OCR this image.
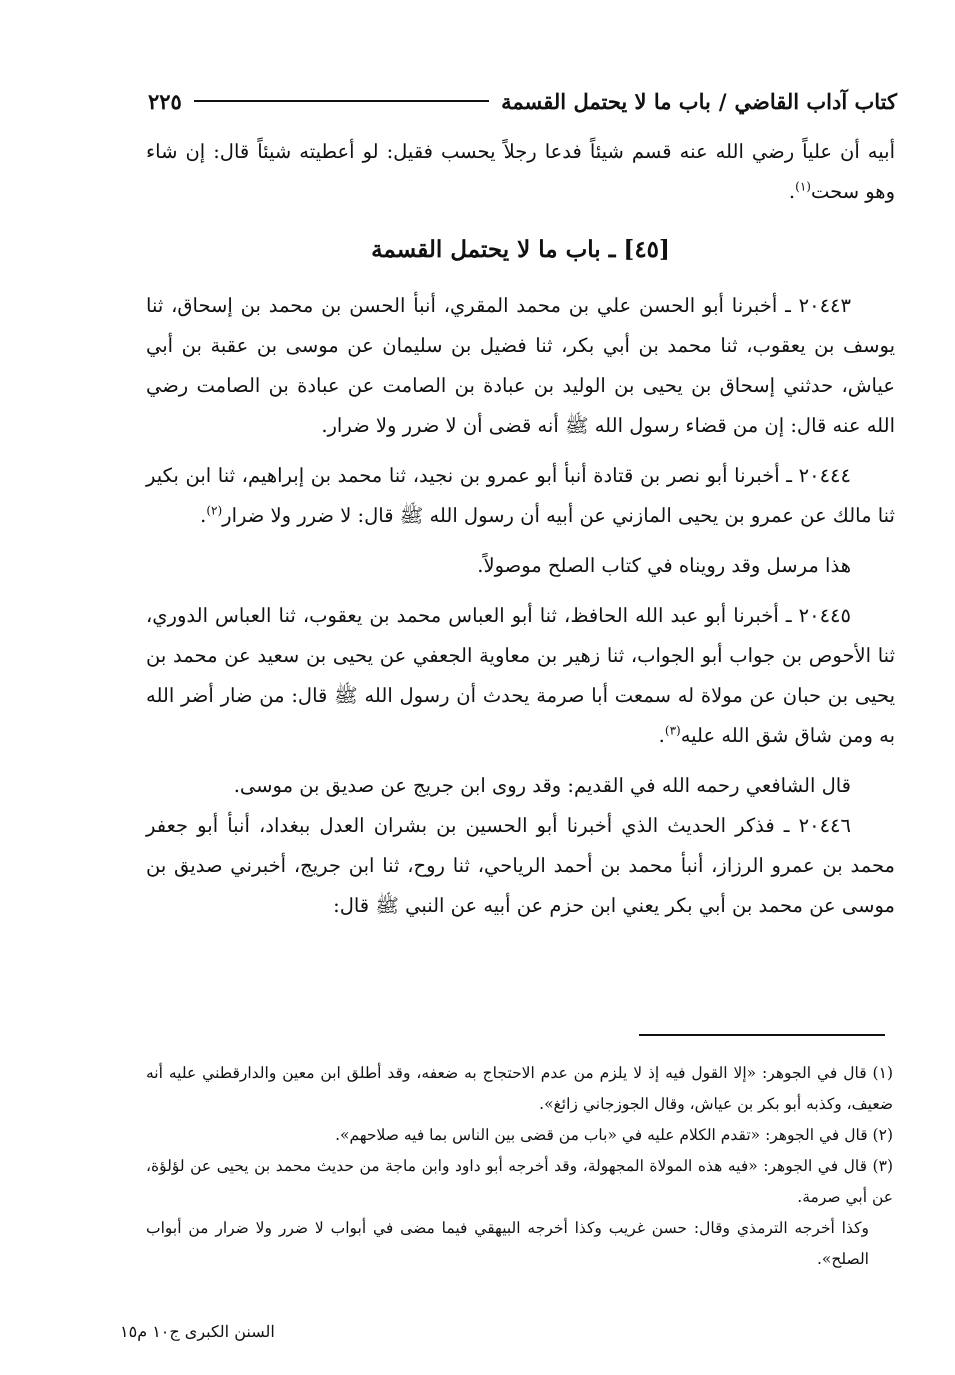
كتاب آداب القاضي
/
باب ما لا يحتمل القسمة
٢٢٥

أبيه أن علياً رضي الله عنه قسم شيئاً فدعا رجلاً يحسب فقيل: لو أعطيته شيئاً قال: إن شاء وهو سحت$^{(١)}$.

[٤٥] ـ باب ما لا يحتمل القسمة

٢٠٤٤٣ ـ أخبرنا أبو الحسن علي بن محمد المقري، أنبأ الحسن بن محمد بن إسحاق، ثنا يوسف بن يعقوب، ثنا محمد بن أبي بكر، ثنا فضيل بن سليمان عن موسى بن عقبة بن أبي عياش، حدثني إسحاق بن يحيى بن الوليد بن عبادة بن الصامت عن عبادة بن الصامت رضي الله عنه قال: إن من قضاء رسول الله ﷺ أنه قضى أن لا ضرر ولا ضرار.

٢٠٤٤٤ ـ أخبرنا أبو نصر بن قتادة أنبأ أبو عمرو بن نجيد، ثنا محمد بن إبراهيم، ثنا ابن بكير ثنا مالك عن عمرو بن يحيى المازني عن أبيه أن رسول الله ﷺ قال: لا ضرر ولا ضرار$^{(٢)}$.

هذا مرسل وقد رويناه في كتاب الصلح موصولاً.

٢٠٤٤٥ ـ أخبرنا أبو عبد الله الحافظ، ثنا أبو العباس محمد بن يعقوب، ثنا العباس الدوري، ثنا الأحوص بن جواب أبو الجواب، ثنا زهير بن معاوية الجعفي عن يحيى بن سعيد عن محمد بن يحيى بن حبان عن مولاة له سمعت أبا صرمة يحدث أن رسول الله ﷺ قال: من ضار أضر الله به ومن شاق شق الله عليه$^{(٣)}$.

قال الشافعي رحمه الله في القديم: وقد روى ابن جريج عن صديق بن موسى.

٢٠٤٤٦ ـ فذكر الحديث الذي أخبرنا أبو الحسين بن بشران العدل ببغداد، أنبأ أبو جعفر محمد بن عمرو الرزاز، أنبأ محمد بن أحمد الرياحي، ثنا روح، ثنا ابن جريج، أخبرني صديق بن موسى عن محمد بن أبي بكر يعني ابن حزم عن أبيه عن النبي ﷺ قال:

(١) قال في الجوهر: «إلا القول فيه إذ لا يلزم من عدم الاحتجاج به ضعفه، وقد أطلق ابن معين والدارقطني عليه أنه ضعيف، وكذبه أبو بكر بن عياش، وقال الجوزجاني زائغ».

(٢) قال في الجوهر: «تقدم الكلام عليه في «باب من قضى بين الناس بما فيه صلاحهم».

(٣) قال في الجوهر: «فيه هذه المولاة المجهولة، وقد أخرجه أبو داود وابن ماجة من حديث محمد بن يحيى عن لؤلؤة، عن أبي صرمة.

وكذا أخرجه الترمذي وقال: حسن غريب وكذا أخرجه البيهقي فيما مضى في أبواب لا ضرر ولا ضرار من أبواب الصلح».

السنن الكبرى ج١٠ م١٥
